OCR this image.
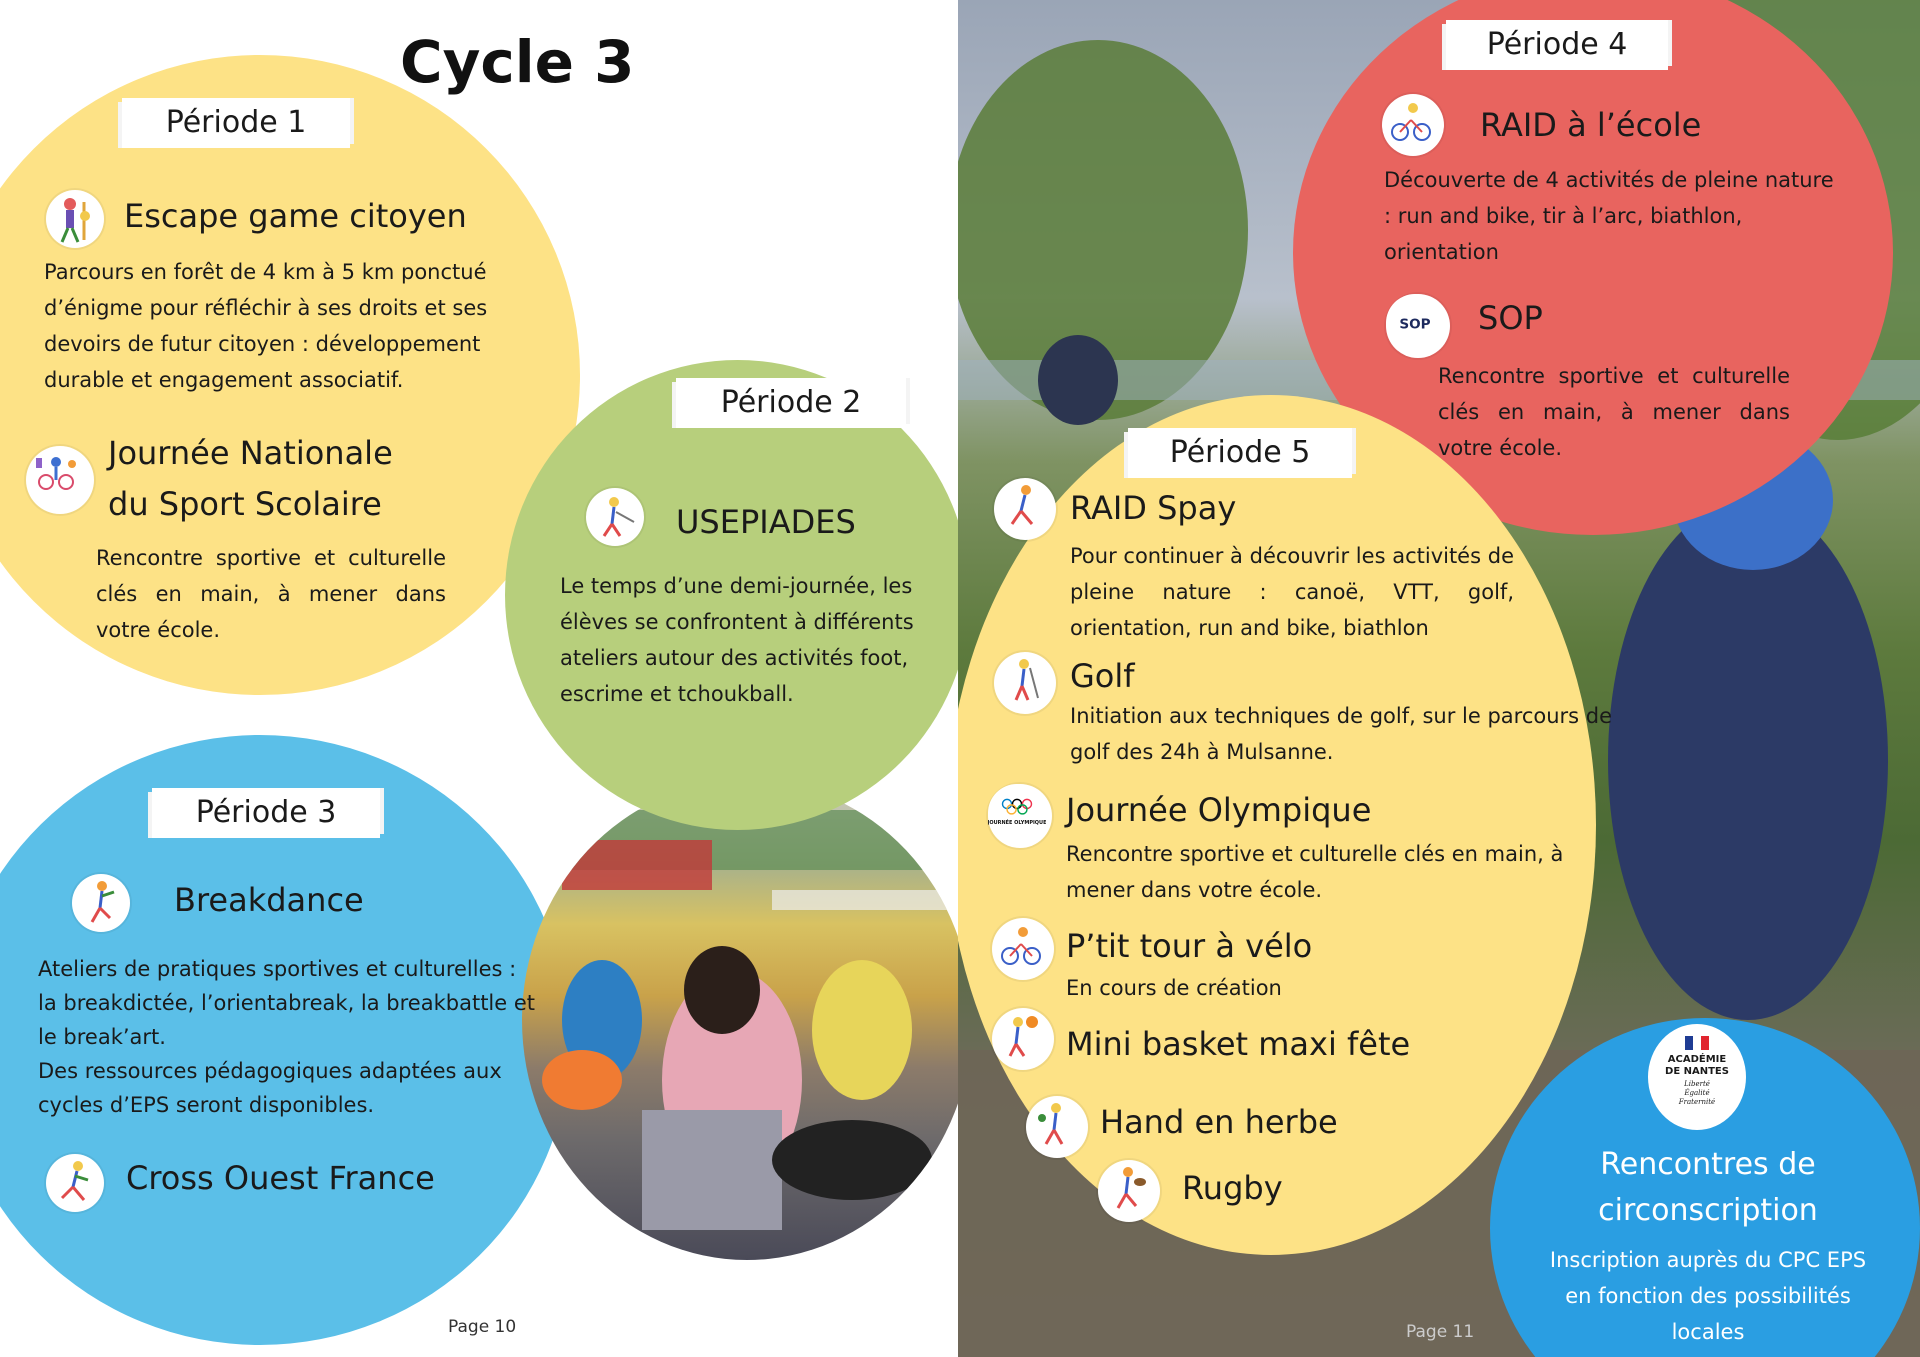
Cycle 3
Période 1
Escape game citoyen
Parcours en forêt de 4 km à 5 km ponctué d’énigme pour réfléchir à ses droits et ses devoirs de futur citoyen : développement durable et engagement associatif.
Journée Nationale
du Sport Scolaire
Rencontre sportive et culturelle clés en main, à mener dans votre école.
Période 2
USEPIADES
Le temps d’une demi-journée, les élèves se confrontent à différents ateliers autour des activités foot, escrime et tchoukball.
Période 3
Breakdance
Ateliers de pratiques sportives et culturelles : la breakdictée, l’orientabreak, la breakbattle et le break’art.
Des ressources pédagogiques adaptées aux cycles d’EPS seront disponibles.
Cross Ouest France
Page 10
Période 4
RAID à l’école
Découverte de 4 activités de pleine nature : run and bike, tir à l’arc, biathlon, orientation
SOP SOP
Rencontre sportive et culturelle clés en main, à mener dans votre école.
Période 5
RAID Spay
Pour continuer à découvrir les activités de pleine nature : canoë, VTT, golf, orientation, run and bike, biathlon
Golf
Initiation aux techniques de golf, sur le parcours de golf des 24h à Mulsanne.
JOURNÉE OLYMPIQUE Journée Olympique
Rencontre sportive et culturelle clés en main, à mener dans votre école.
P’tit tour à vélo
En cours de création
Mini basket maxi fête
Hand en herbe
Rugby
ACADÉMIE DE NANTES
Liberté Égalité Fraternité
Rencontres de circonscription
Inscription auprès du CPC EPS en fonction des possibilités locales
Page 11
